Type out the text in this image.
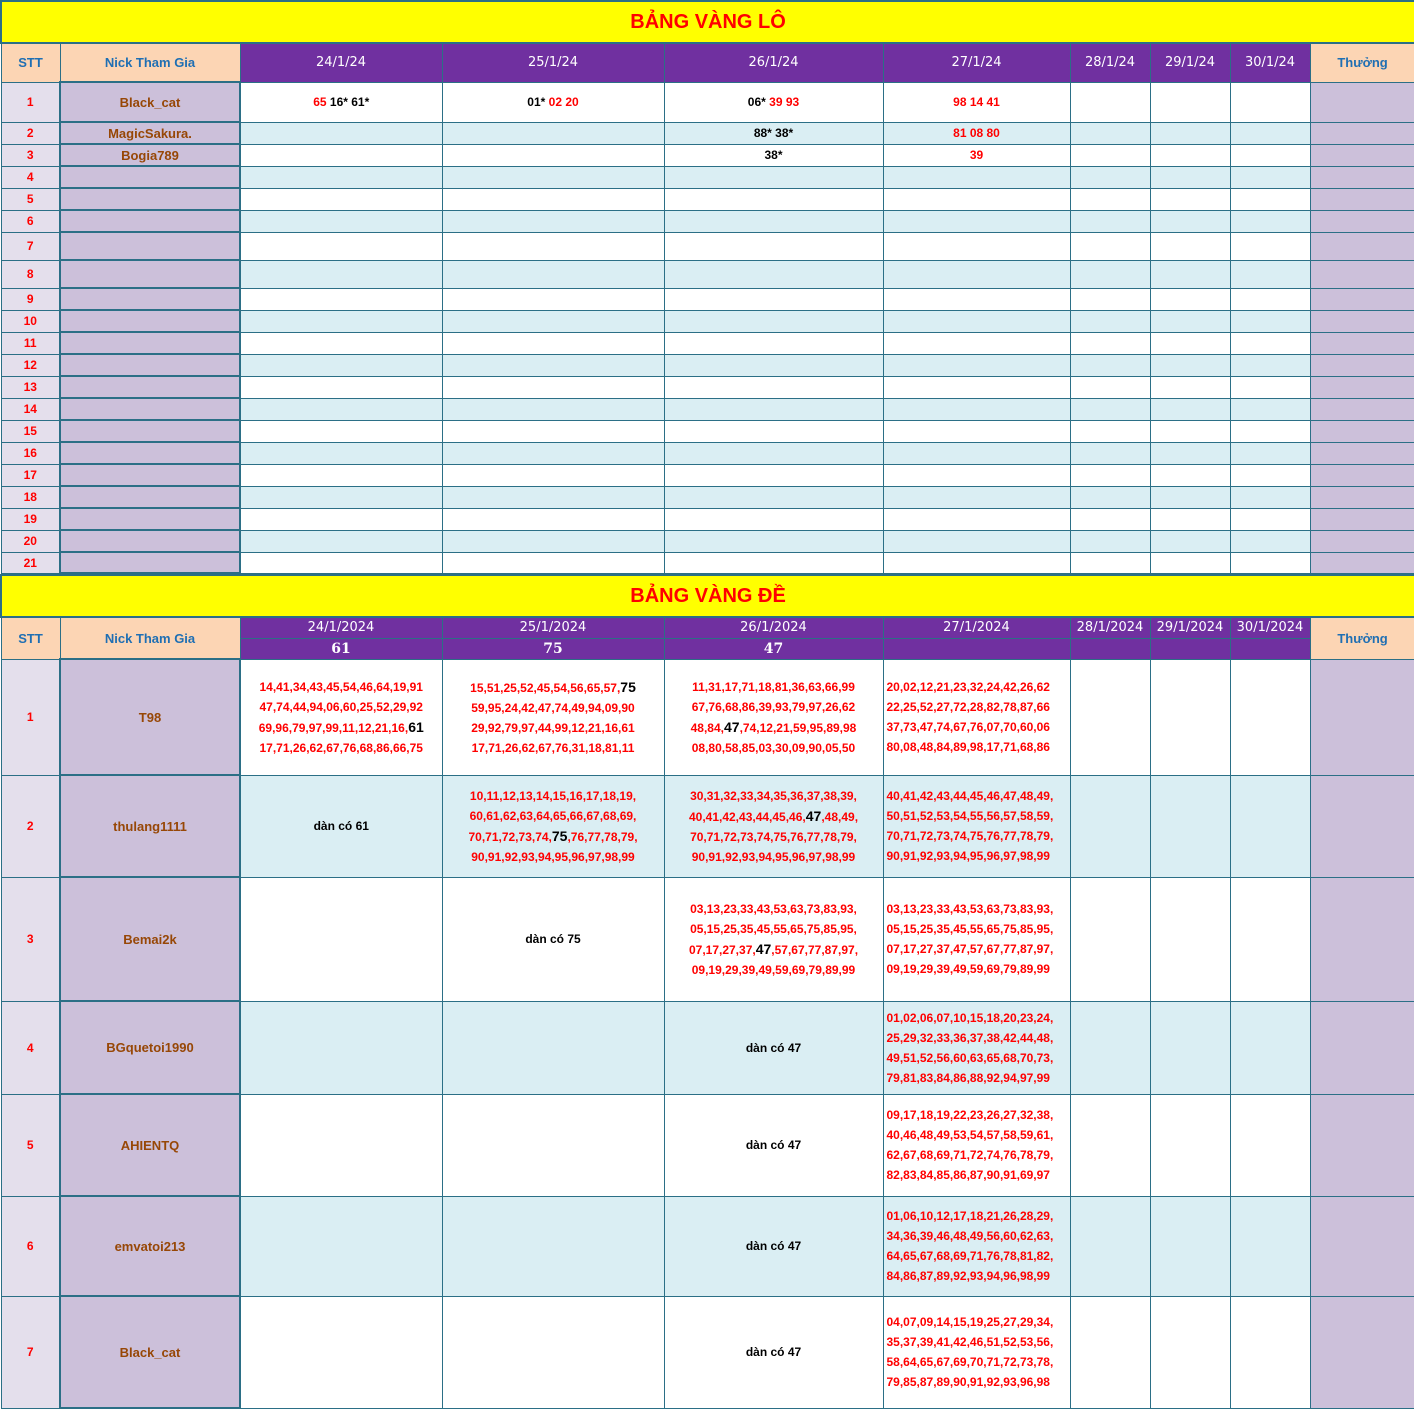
BẢNG VÀNG LÔ									
STT	Nick Tham Gia	24/1/24	25/1/24	26/1/24	27/1/24	28/1/24	29/1/24	30/1/24	Thưởng
1	Black_cat	65 16* 61*	01* 02 20	06* 39 93	98 14 41				
2	MagicSakura.			88* 38*	81 08 80				
3	Bogia789			38*	39				
4									
5									
6									
7									
8									
9									
10									
11									
12									
13									
14									
15									
16									
17									
18									
19									
20									
21									
BẢNG VÀNG ĐỀ									
STT	Nick Tham Gia	24/1/2024	25/1/2024	26/1/2024	27/1/2024	28/1/2024	29/1/2024	30/1/2024	Thưởng
		61	75	47					
1	T98	14,41,34,43,45,54,46,64,19,91
47,74,44,94,06,60,25,52,29,92
69,96,79,97,99,11,12,21,16,61
17,71,26,62,67,76,68,86,66,75	15,51,25,52,45,54,56,65,57,75
59,95,24,42,47,74,49,94,09,90
29,92,79,97,44,99,12,21,16,61
17,71,26,62,67,76,31,18,81,11	11,31,17,71,18,81,36,63,66,99
67,76,68,86,39,93,79,97,26,62
48,84,47,74,12,21,59,95,89,98
08,80,58,85,03,30,09,90,05,50	20,02,12,21,23,32,24,42,26,62
22,25,52,27,72,28,82,78,87,66
37,73,47,74,67,76,07,70,60,06
80,08,48,84,89,98,17,71,68,86				
2	thulang1111	dàn có 61	10,11,12,13,14,15,16,17,18,19,
60,61,62,63,64,65,66,67,68,69,
70,71,72,73,74,75,76,77,78,79,
90,91,92,93,94,95,96,97,98,99	30,31,32,33,34,35,36,37,38,39,
40,41,42,43,44,45,46,47,48,49,
70,71,72,73,74,75,76,77,78,79,
90,91,92,93,94,95,96,97,98,99	40,41,42,43,44,45,46,47,48,49,
50,51,52,53,54,55,56,57,58,59,
70,71,72,73,74,75,76,77,78,79,
90,91,92,93,94,95,96,97,98,99				
3	Bemai2k		dàn có 75	03,13,23,33,43,53,63,73,83,93,
05,15,25,35,45,55,65,75,85,95,
07,17,27,37,47,57,67,77,87,97,
09,19,29,39,49,59,69,79,89,99	03,13,23,33,43,53,63,73,83,93,
05,15,25,35,45,55,65,75,85,95,
07,17,27,37,47,57,67,77,87,97,
09,19,29,39,49,59,69,79,89,99				
4	BGquetoi1990			dàn có 47	01,02,06,07,10,15,18,20,23,24,
25,29,32,33,36,37,38,42,44,48,
49,51,52,56,60,63,65,68,70,73,
79,81,83,84,86,88,92,94,97,99				
5	AHIENTQ			dàn có 47	09,17,18,19,22,23,26,27,32,38,
40,46,48,49,53,54,57,58,59,61,
62,67,68,69,71,72,74,76,78,79,
82,83,84,85,86,87,90,91,69,97				
6	emvatoi213			dàn có 47	01,06,10,12,17,18,21,26,28,29,
34,36,39,46,48,49,56,60,62,63,
64,65,67,68,69,71,76,78,81,82,
84,86,87,89,92,93,94,96,98,99				
7	Black_cat			dàn có 47	04,07,09,14,15,19,25,27,29,34,
35,37,39,41,42,46,51,52,53,56,
58,64,65,67,69,70,71,72,73,78,
79,85,87,89,90,91,92,93,96,98				
